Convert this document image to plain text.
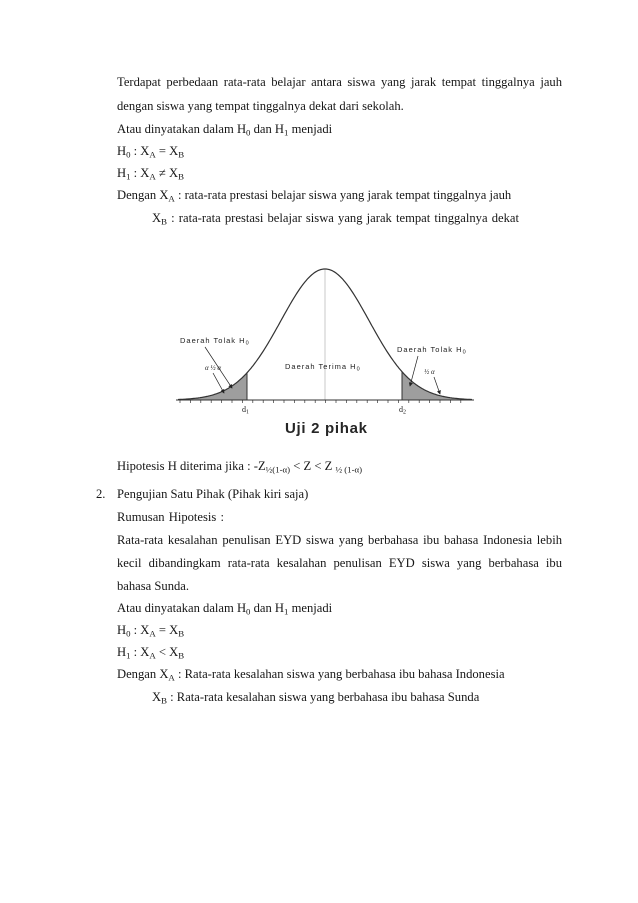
Terdapat perbedaan rata-rata belajar antara siswa yang jarak tempat tinggalnya jauh
dengan siswa yang tempat tinggalnya dekat dari sekolah.
Atau dinyatakan dalam $H_0$ dan $H_1$ menjadi
$H_0$ : $X_A = X_B$
$H_1$ : $X_A \ne X_B$
Dengan $X_A$ : rata-rata prestasi belajar siswa yang jarak tempat tinggalnya jauh
$X_B$ : rata-rata prestasi belajar siswa yang jarak tempat tinggalnya dekat
Daerah Tolak $H_0$
Daerah Terima $H_0$
Daerah Tolak $H_0$
α ½ α	½ α
d1	d2
Uji 2 pihak
Hipotesis H diterima jika : $-Z_{\frac{1}{2}(1-\alpha)} < Z < Z$ $_{\frac{1}{2} (1-\alpha)}$
2. Pengujian Satu Pihak (Pihak kiri saja)
Rumusan Hipotesis :
Rata-rata kesalahan penulisan EYD siswa yang berbahasa ibu bahasa Indonesia lebih
kecil dibandingkam rata-rata kesalahan penulisan EYD siswa yang berbahasa ibu
bahasa Sunda.
Atau dinyatakan dalam $H_0$ dan $H_1$ menjadi
$H_0$ : $X_A = X_B$
$H_1$ : $X_A < X_B$
Dengan $X_A$ : Rata-rata kesalahan siswa yang berbahasa ibu bahasa Indonesia
$X_B$ : Rata-rata kesalahan siswa yang berbahasa ibu bahasa Sunda
